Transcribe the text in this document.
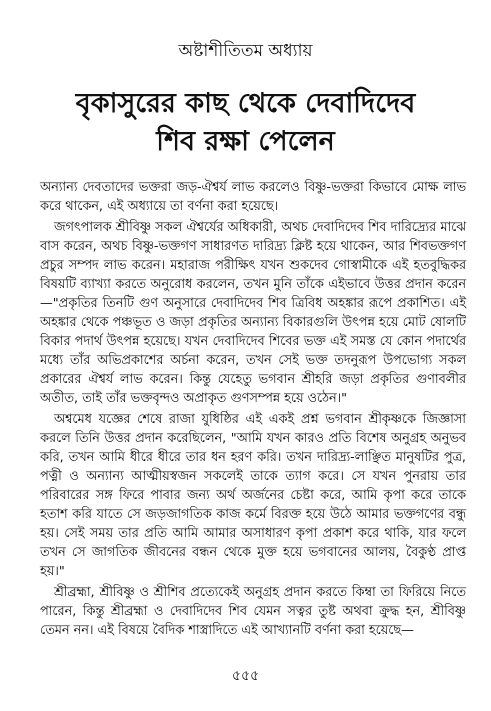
অষ্টাশীতিতম অধ্যায়
বৃকাসুরের কাছ থেকে দেবাদিদেব
শিব রক্ষা পেলেন

অন্যান্য দেবতাদের ভক্তরা জড়-ঐশ্বর্য লাভ করলেও বিষ্ণু-ভক্তরা কিভাবে মোক্ষ লাভ করে থাকেন, এই অধ্যায়ে তা বর্ণনা করা হয়েছে।

জগৎপালক শ্রীবিষ্ণু সকল ঐশ্বর্যের অধিকারী, অথচ দেবাদিদেব শিব দারিদ্র্যের মাঝে বাস করেন, অথচ বিষ্ণু-ভক্তগণ সাধারণত দারিদ্র্য ক্লিষ্ট হয়ে থাকেন, আর শিবভক্তগণ প্রচুর সম্পদ লাভ করেন। মহারাজ পরীক্ষিৎ যখন শুকদেব গোস্বামীকে এই হতবুদ্ধিকর বিষয়টি ব্যাখ্যা করতে অনুরোধ করলেন, তখন মুনি তাঁকে এইভাবে উত্তর প্রদান করেন—"প্রকৃতির তিনটি গুণ অনুসারে দেবাদিদেব শিব ত্রিবিধ অহঙ্কার রূপে প্রকাশিত। এই অহঙ্কার থেকে পঞ্চভূত ও জড়া প্রকৃতির অন্যান্য বিকারগুলি উৎপন্ন হয়ে মোট ষোলটি বিকার পদার্থ উৎপন্ন হয়েছে। যখন দেবাদিদেব শিবের ভক্ত এই সমস্ত যে কোন পদার্থের মধ্যে তাঁর অভিপ্রকাশের অর্চনা করেন, তখন সেই ভক্ত তদনুরূপ উপভোগ্য সকল প্রকারের ঐশ্বর্য লাভ করেন। কিন্তু যেহেতু ভগবান শ্রীহরি জড়া প্রকৃতির গুণাবলীর অতীত, তাই তাঁর ভক্তবৃন্দও অপ্রাকৃত গুণসম্পন্ন হয়ে ওঠেন।"

অশ্বমেধ যজ্ঞের শেষে রাজা যুধিষ্ঠির এই একই প্রশ্ন ভগবান শ্রীকৃষ্ণকে জিজ্ঞাসা করলে তিনি উত্তর প্রদান করেছিলেন, "আমি যখন কারও প্রতি বিশেষ অনুগ্রহ অনুভব করি, তখন আমি ধীরে ধীরে তার ধন হরণ করি। তখন দারিদ্র্য-লাঞ্ছিত মানুষটির পুত্র, পত্নী ও অন্যান্য আত্মীয়স্বজন সকলেই তাকে ত্যাগ করে। সে যখন পুনরায় তার পরিবারের সঙ্গ ফিরে পাবার জন্য অর্থ অর্জনের চেষ্টা করে, আমি কৃপা করে তাকে হতাশ করি যাতে সে জড়জাগতিক কাজ কর্মে বিরক্ত হয়ে উঠে আমার ভক্তগণের বন্ধু হয়। সেই সময় তার প্রতি আমি আমার অসাধারণ কৃপা প্রকাশ করে থাকি, যার ফলে তখন সে জাগতিক জীবনের বন্ধন থেকে মুক্ত হয়ে ভগবানের আলয়, বৈকুণ্ঠ প্রাপ্ত হয়।"

শ্রীব্রহ্মা, শ্রীবিষ্ণু ও শ্রীশিব প্রত্যেকেই অনুগ্রহ প্রদান করতে কিম্বা তা ফিরিয়ে নিতে পারেন, কিন্তু শ্রীব্রহ্মা ও দেবাদিদেব শিব যেমন সত্বর তুষ্ট অথবা ক্রুদ্ধ হন, শ্রীবিষ্ণু তেমন নন। এই বিষয়ে বৈদিক শাস্ত্রাদিতে এই আখ্যানটি বর্ণনা করা হয়েছে—

৫৫৫
